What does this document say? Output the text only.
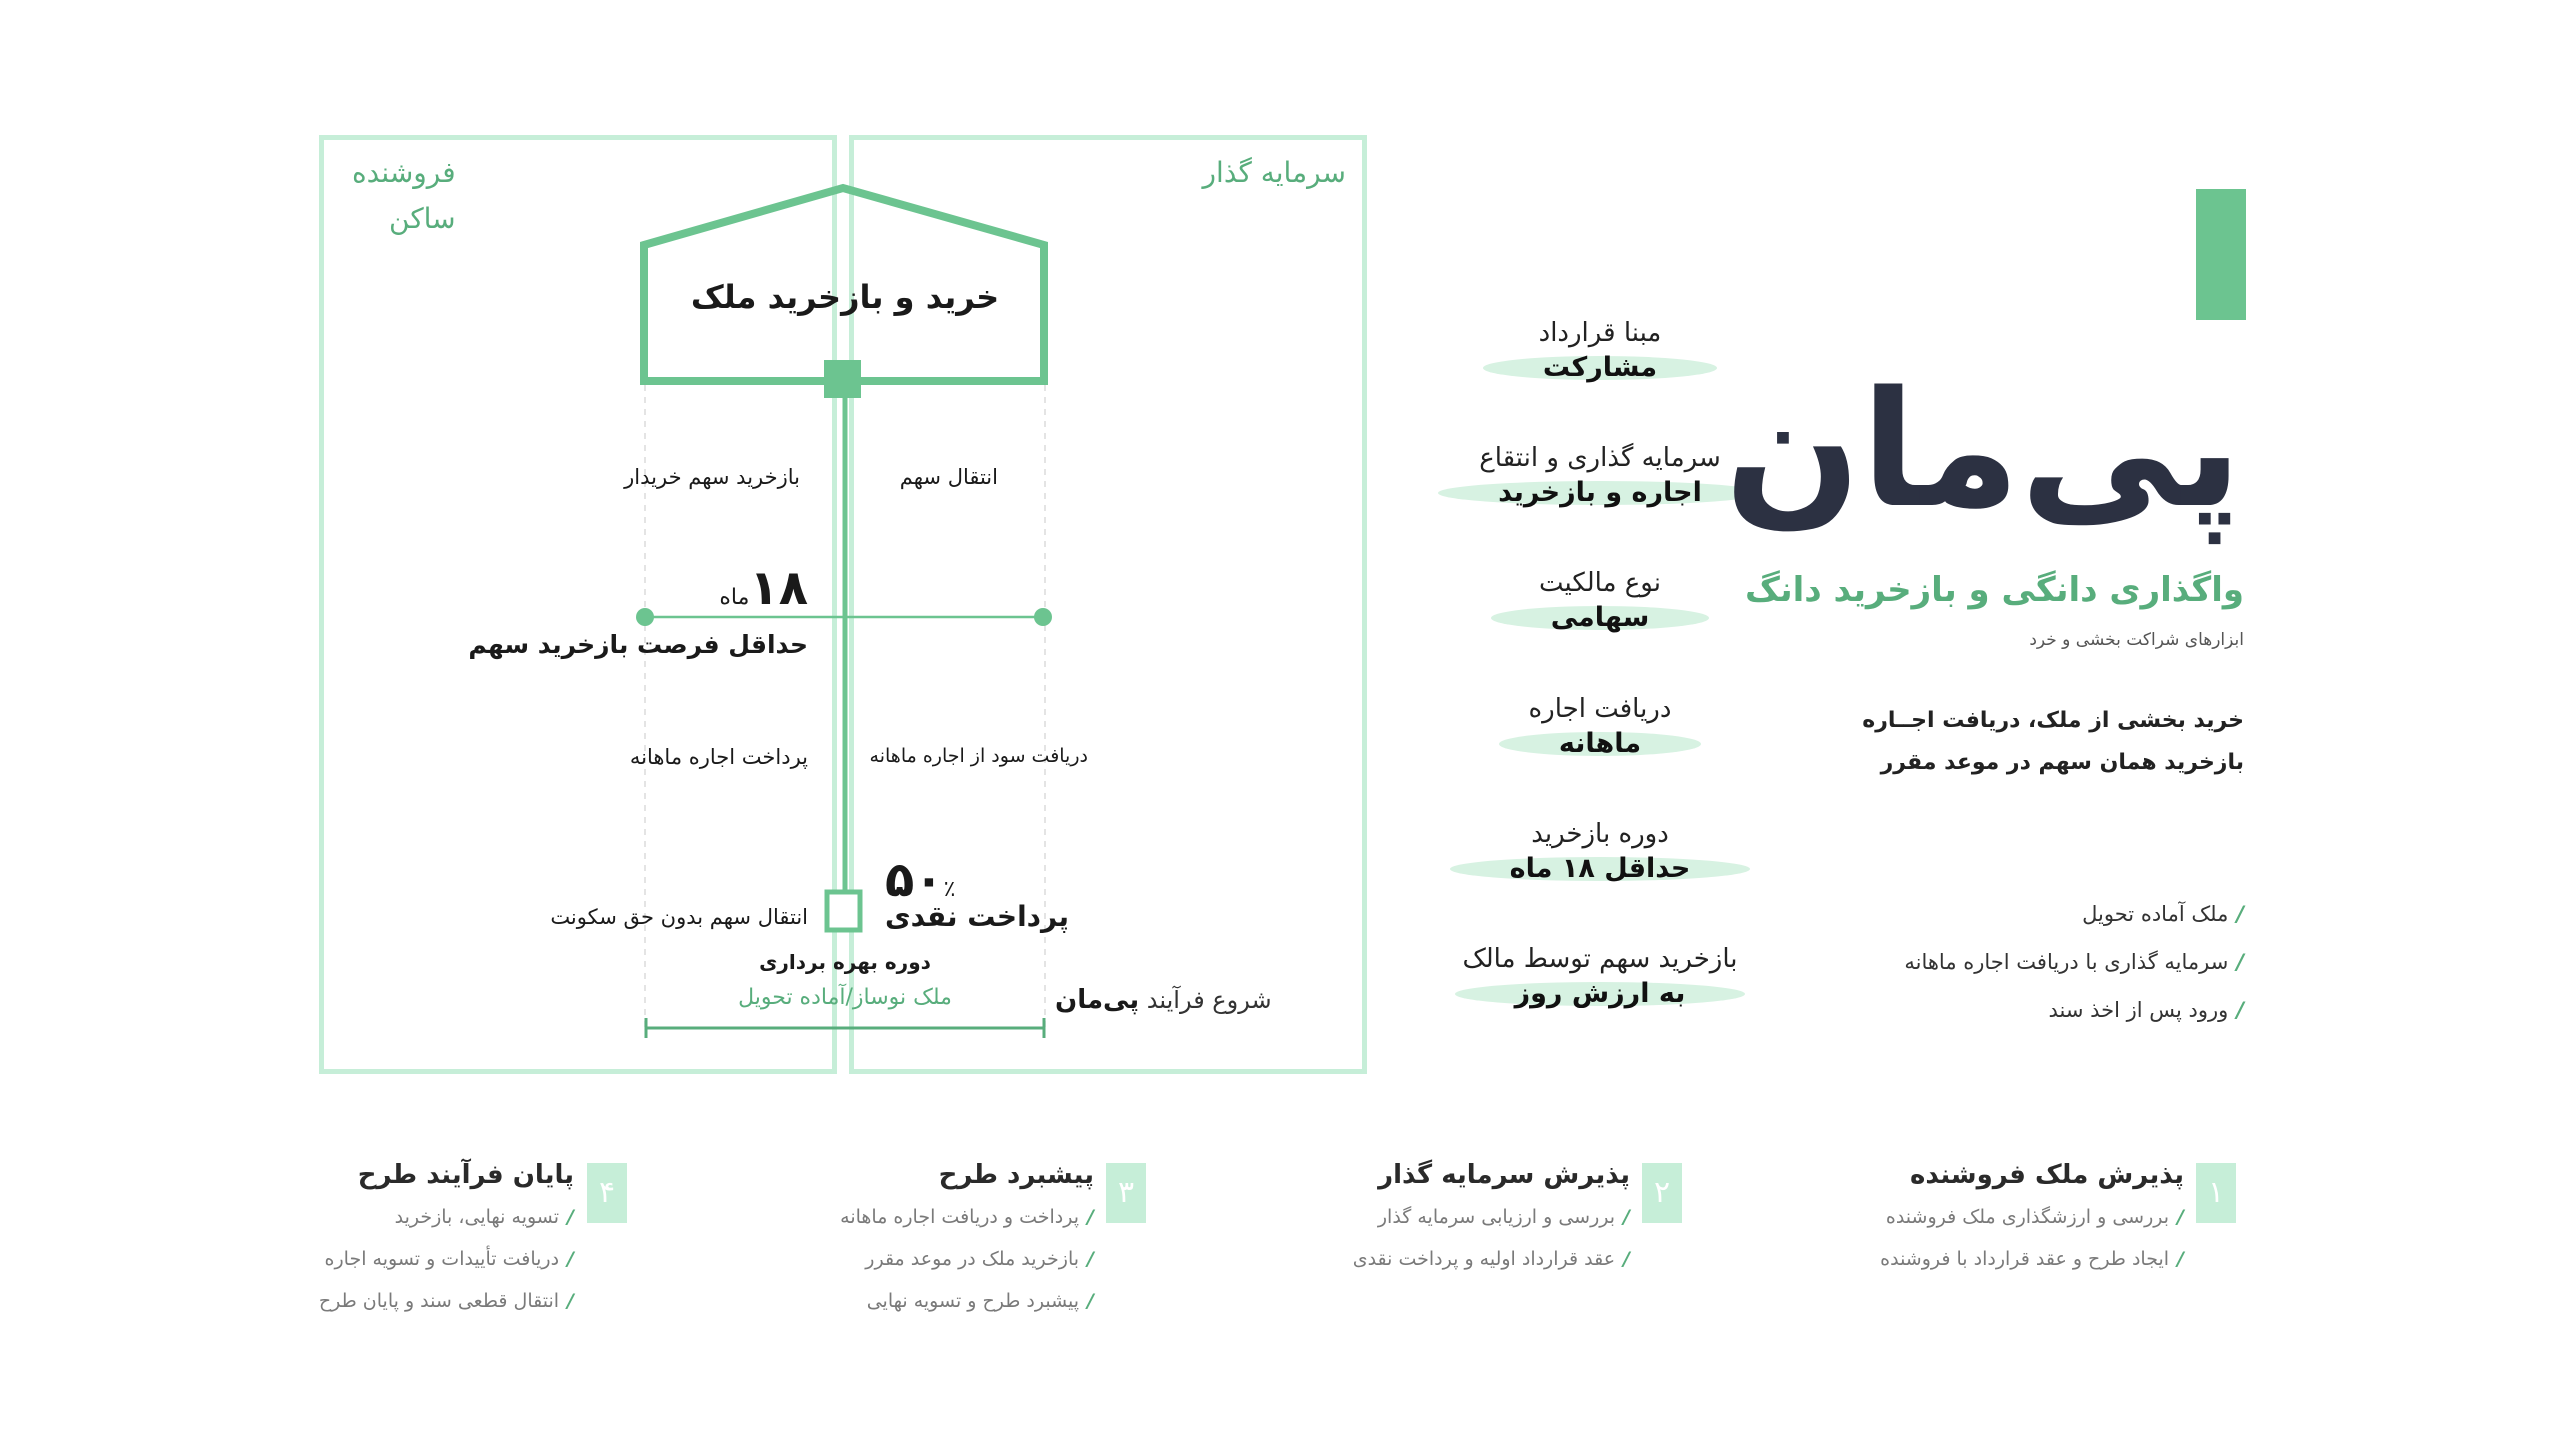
پی‌مان
واگذاری دانگی و بازخرید دانگ
ابزارهای شراکت بخشی و خرد
خرید بخشی از ملک، دریافت اجــاره
بازخرید همان سهم در موعد مقرر
/ملک آماده تحویل
/سرمایه گذاری با دریافت اجاره ماهانه
/ورود پس از اخذ سند
مبنا قرارداد
مشارکت
سرمایه گذاری و انتقاع
اجاره و بازخرید
نوع مالکیت
سهامی
دریافت اجاره
ماهانه
دوره بازخرید
حداقل ۱۸ ماه
بازخرید سهم توسط مالک
به ارزش روز
فروشنده
ساکن
سرمایه گذار
خرید و بازخرید ملک
بازخرید سهم خریدار	انتقال سهم
۱۸ماه
حداقل فرصت بازخرید سهم
پرداخت اجاره ماهانه	دریافت سود از اجاره ماهانه
۵۰٪
پرداخت نقدی
انتقال سهم بدون حق سکونت
دوره بهره برداری
ملک نوساز/آماده تحویل	شروع فرآیند پی‌مان
۱
پذیرش ملک فروشنده
/بررسی و ارزشگذاری ملک فروشنده
/ایجاد طرح و عقد قرارداد با فروشنده
۲
پذیرش سرمایه گذار
/بررسی و ارزیابی سرمایه گذار
/عقد قرارداد اولیه و پرداخت نقدی
۳
پیشبرد طرح
/پرداخت و دریافت اجاره ماهانه
/بازخرید ملک در موعد مقرر
/پیشبرد طرح و تسویه نهایی
۴
پایان فرآیند طرح
/تسویه نهایی، بازخرید
/دریافت تأییدات و تسویه اجاره
/انتقال قطعی سند و پایان طرح
